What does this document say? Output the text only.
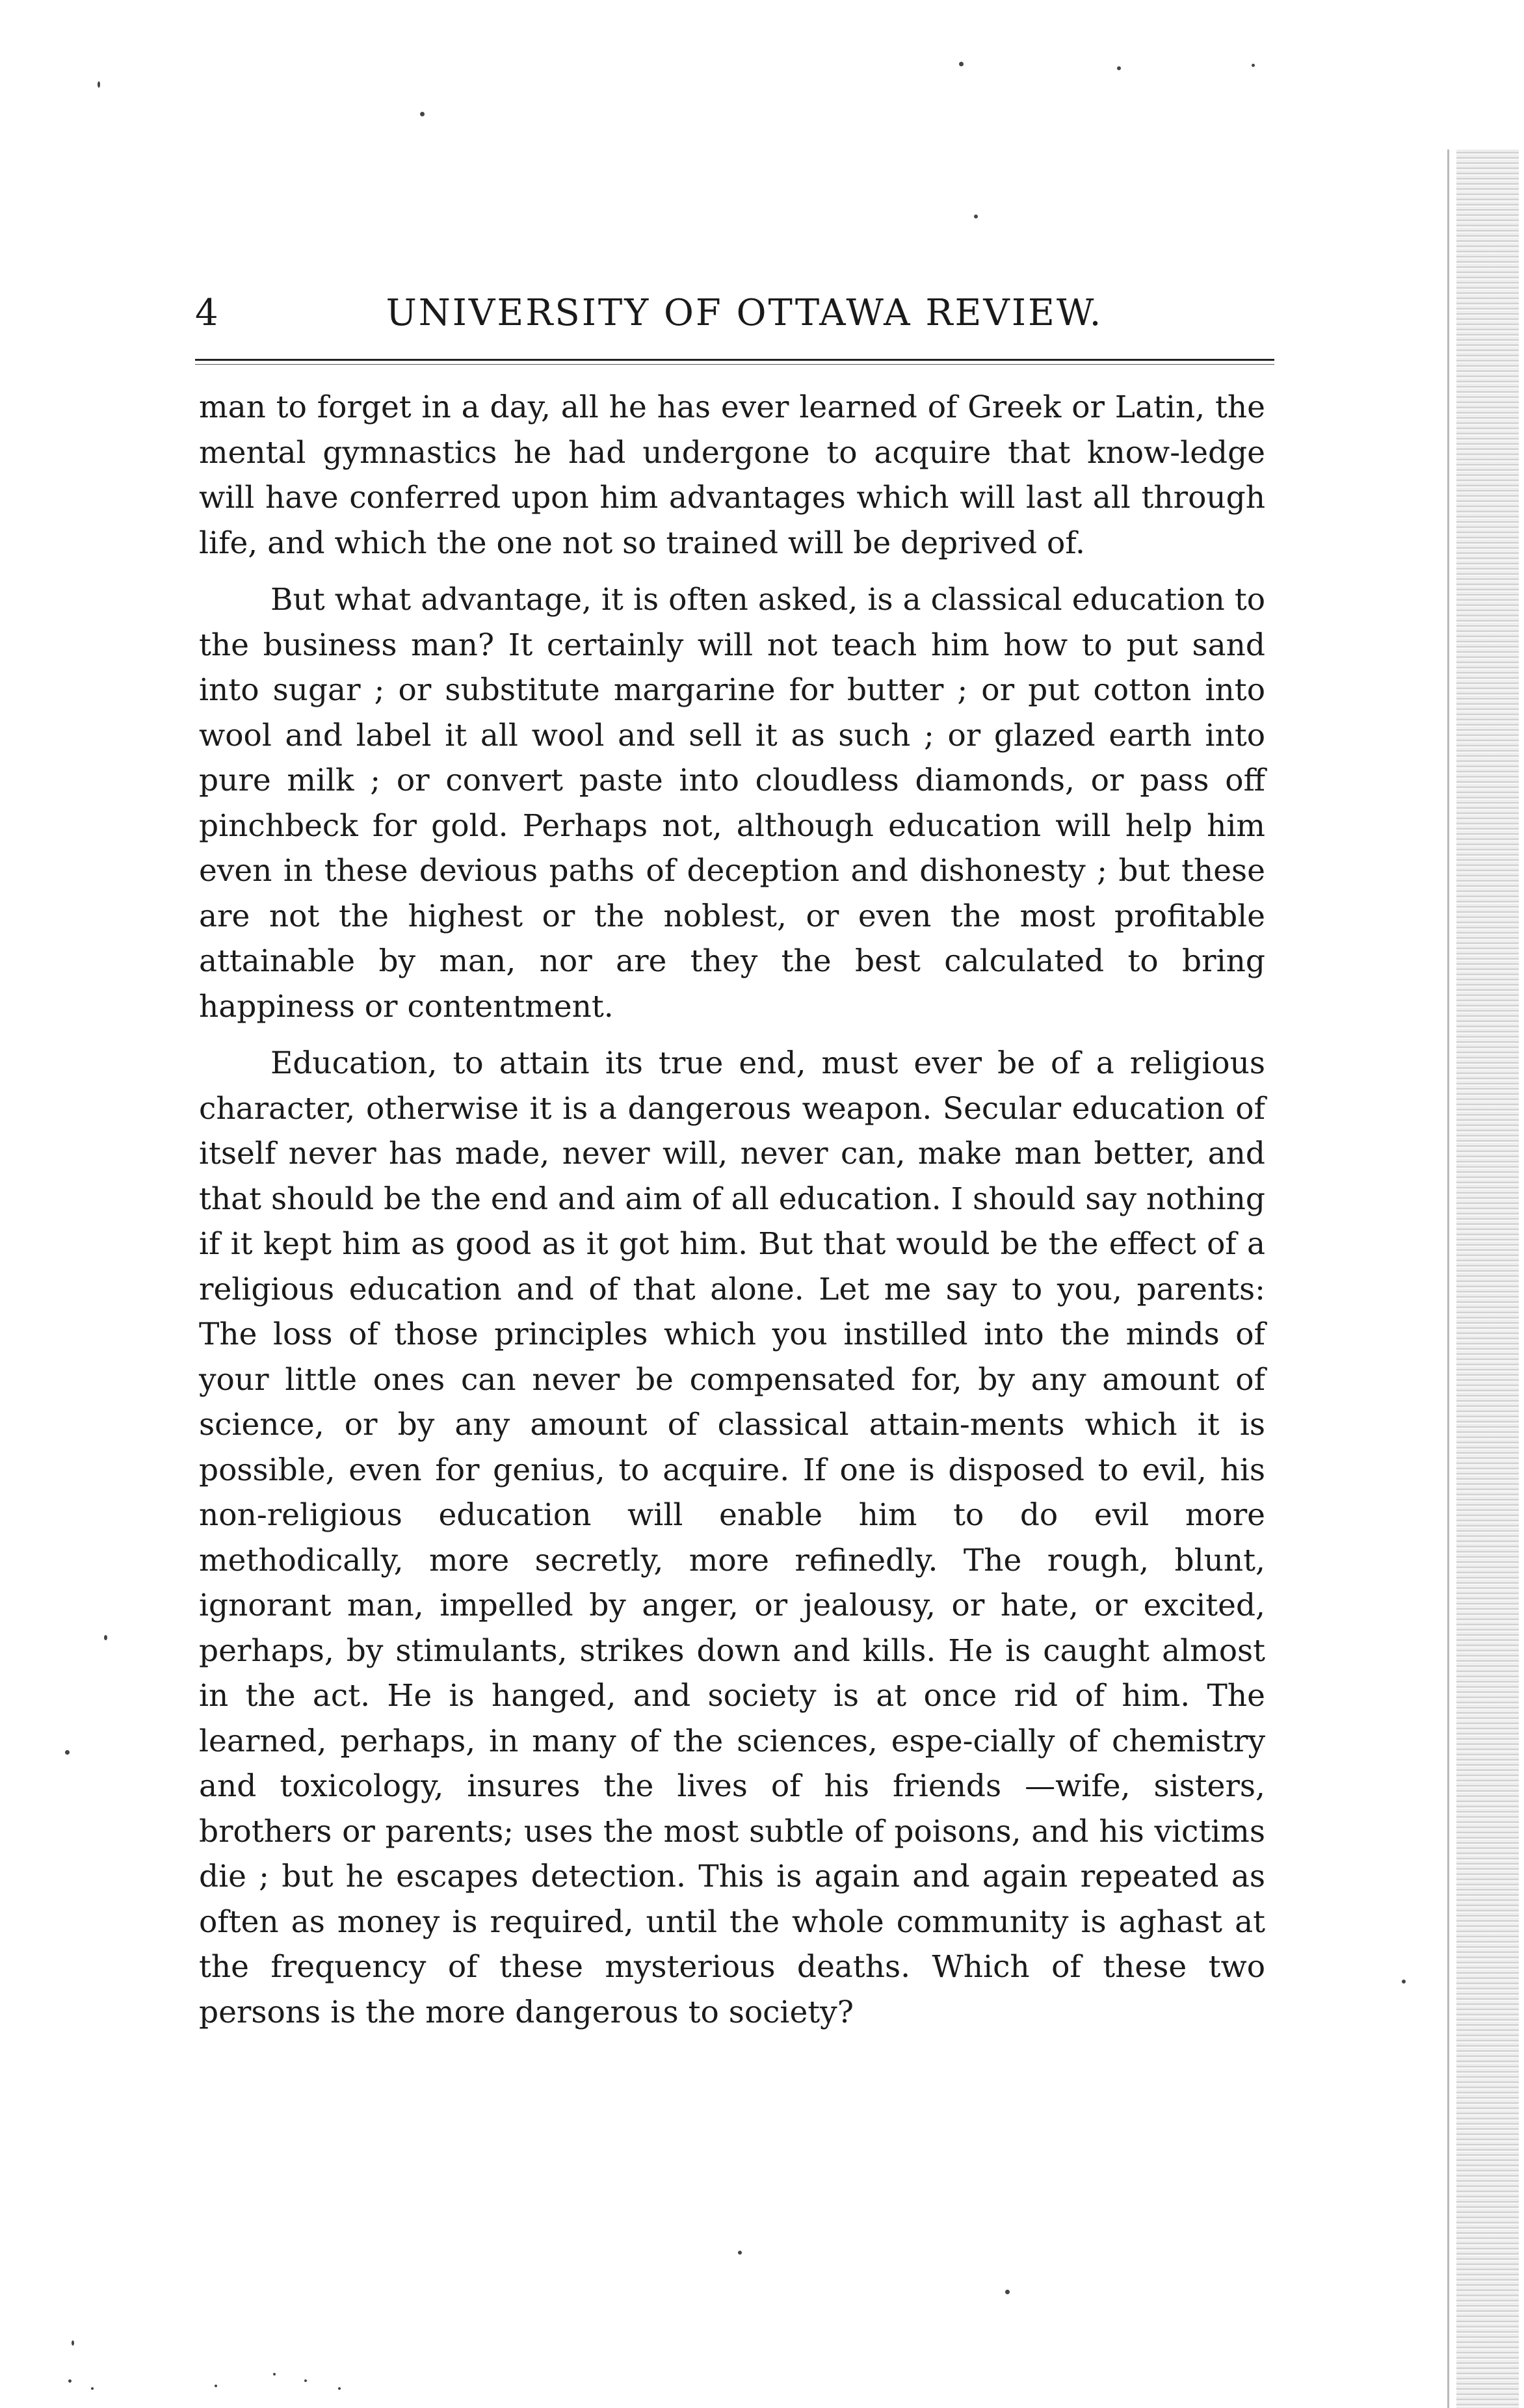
4	UNIVERSITY OF OTTAWA REVIEW.

man to forget in a day, all he has ever learned of Greek or Latin, the mental gymnastics he had undergone to acquire that know-ledge will have conferred upon him advantages which will last all through life, and which the one not so trained will be deprived of.

But what advantage, it is often asked, is a classical education to the business man? It certainly will not teach him how to put sand into sugar ; or substitute margarine for butter ; or put cotton into wool and label it all wool and sell it as such ; or glazed earth into pure milk ; or convert paste into cloudless diamonds, or pass off pinchbeck for gold. Perhaps not, although education will help him even in these devious paths of deception and dishonesty ; but these are not the highest or the noblest, or even the most profitable attainable by man, nor are they the best calculated to bring happiness or contentment.

Education, to attain its true end, must ever be of a religious character, otherwise it is a dangerous weapon. Secular education of itself never has made, never will, never can, make man better, and that should be the end and aim of all education. I should say nothing if it kept him as good as it got him. But that would be the effect of a religious education and of that alone. Let me say to you, parents: The loss of those principles which you instilled into the minds of your little ones can never be compensated for, by any amount of science, or by any amount of classical attain-ments which it is possible, even for genius, to acquire. If one is disposed to evil, his non-religious education will enable him to do evil more methodically, more secretly, more refinedly. The rough, blunt, ignorant man, impelled by anger, or jealousy, or hate, or excited, perhaps, by stimulants, strikes down and kills. He is caught almost in the act. He is hanged, and society is at once rid of him. The learned, perhaps, in many of the sciences, espe-cially of chemistry and toxicology, insures the lives of his friends —wife, sisters, brothers or parents; uses the most subtle of poisons, and his victims die ; but he escapes detection. This is again and again repeated as often as money is required, until the whole community is aghast at the frequency of these mysterious deaths. Which of these two persons is the more dangerous to society?
